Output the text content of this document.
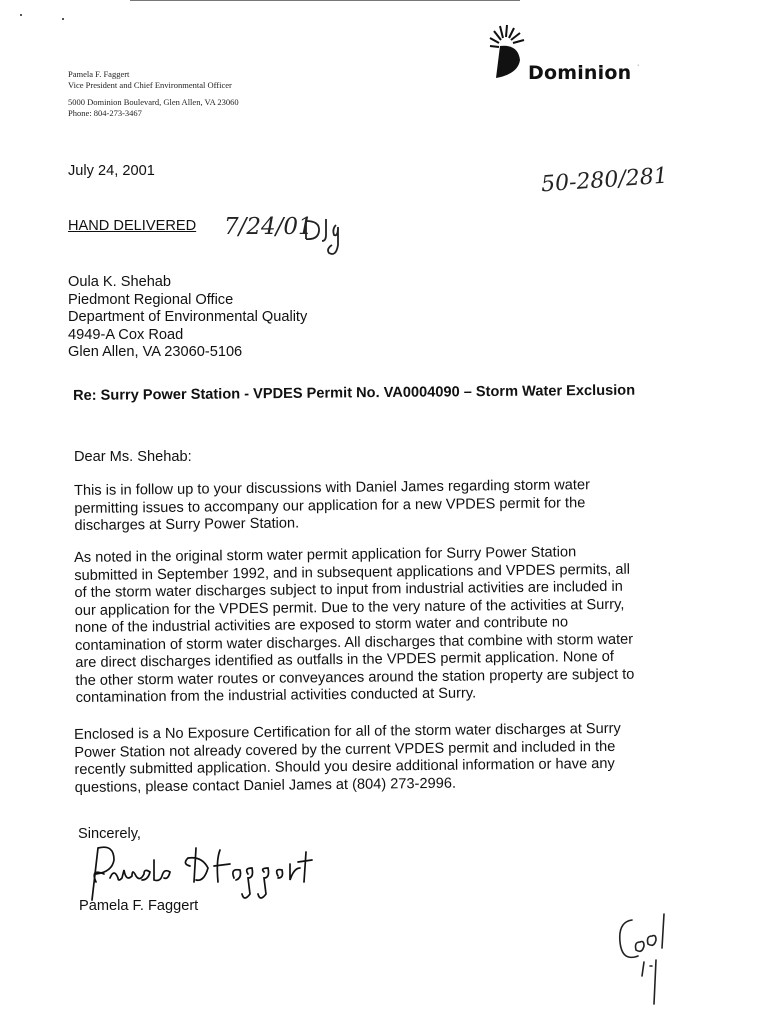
Pamela F. Faggert
Vice President and Chief Environmental Officer
5000 Dominion Boulevard, Glen Allen, VA 23060
Phone: 804-273-3467
Dominion ·
July 24, 2001	50-280/281
HAND DELIVERED 7/24/01
Oula K. Shehab
Piedmont Regional Office
Department of Environmental Quality
4949-A Cox Road
Glen Allen, VA 23060-5106
Re: Surry Power Station - VPDES Permit No. VA0004090 – Storm Water Exclusion
Dear Ms. Shehab:
This is in follow up to your discussions with Daniel James regarding storm water
permitting issues to accompany our application for a new VPDES permit for the
discharges at Surry Power Station.
As noted in the original storm water permit application for Surry Power Station
submitted in September 1992, and in subsequent applications and VPDES permits, all
of the storm water discharges subject to input from industrial activities are included in
our application for the VPDES permit. Due to the very nature of the activities at Surry,
none of the industrial activities are exposed to storm water and contribute no
contamination of storm water discharges. All discharges that combine with storm water
are direct discharges identified as outfalls in the VPDES permit application. None of
the other storm water routes or conveyances around the station property are subject to
contamination from the industrial activities conducted at Surry.
Enclosed is a No Exposure Certification for all of the storm water discharges at Surry
Power Station not already covered by the current VPDES permit and included in the
recently submitted application. Should you desire additional information or have any
questions, please contact Daniel James at (804) 273-2996.
Sincerely,
Pamela F. Faggert
